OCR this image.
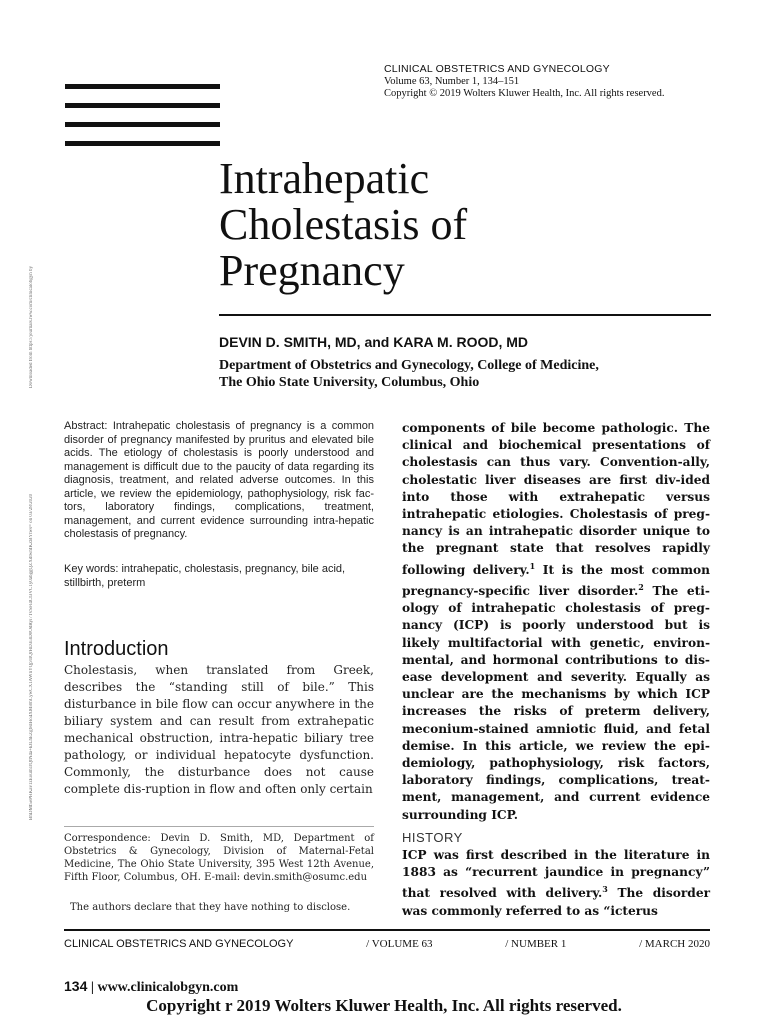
CLINICAL OBSTETRICS AND GYNECOLOGY
Volume 63, Number 1, 134–151
Copyright © 2019 Wolters Kluwer Health, Inc. All rights reserved.
Downloaded from https://journals.lww.com/clinicalobgyn by
BhDMf5ePHKav1zEoum1tQfN4a+kJLhEZgbsIHo4XMi0hCywCX1AWnYQp/IlQrHD3i3D0OdRyi7TvSFl4Cf3VC1y0abggQZXdtwnfKZBYtws= on 03/28/2020
Intrahepatic
Cholestasis of
Pregnancy
DEVIN D. SMITH, MD, and KARA M. ROOD, MD
Department of Obstetrics and Gynecology, College of Medicine,
The Ohio State University, Columbus, Ohio
Abstract: Intrahepatic cholestasis of pregnancy is a common disorder of pregnancy manifested by pruritus and elevated bile acids. The etiology of cholestasis is poorly understood and management is difficult due to the paucity of data regarding its diagnosis, treatment, and related adverse outcomes. In this article, we review the epidemiology, pathophysiology, risk fac-tors, laboratory findings, complications, treatment, management, and current evidence surrounding intra-hepatic cholestasis of pregnancy.
Key words: intrahepatic, cholestasis, pregnancy, bile acid, stillbirth, preterm
Introduction
Cholestasis, when translated from Greek, describes the “standing still of bile.” This disturbance in bile flow can occur anywhere in the biliary system and can result from extrahepatic mechanical obstruction, intra-hepatic biliary tree pathology, or individual hepatocyte dysfunction. Commonly, the disturbance does not cause complete dis-ruption in flow and often only certain
Correspondence: Devin D. Smith, MD, Department of Obstetrics & Gynecology, Division of Maternal-Fetal Medicine, The Ohio State University, 395 West 12th Avenue, Fifth Floor, Columbus, OH. E-mail: devin.smith@osumc.edu
The authors declare that they have nothing to disclose.
components of bile become pathologic. The clinical and biochemical presentations of cholestasis can thus vary. Convention-ally, cholestatic liver diseases are first div-ided into those with extrahepatic versus intrahepatic etiologies. Cholestasis of preg-nancy is an intrahepatic disorder unique to the pregnant state that resolves rapidly following delivery.$^1$ It is the most common pregnancy-specific liver disorder.$^2$ The eti-ology of intrahepatic cholestasis of preg-nancy (ICP) is poorly understood but is likely multifactorial with genetic, environ-mental, and hormonal contributions to dis-ease development and severity. Equally as unclear are the mechanisms by which ICP increases the risks of preterm delivery, meconium-stained amniotic fluid, and fetal demise. In this article, we review the epi-demiology, pathophysiology, risk factors, laboratory findings, complications, treat-ment, management, and current evidence surrounding ICP.
HISTORY
ICP was first described in the literature in 1883 as “recurrent jaundice in pregnancy” that resolved with delivery.$^3$ The disorder was commonly referred to as “icterus
CLINICAL OBSTETRICS AND GYNECOLOGY	/ VOLUME 63	/ NUMBER 1	/ MARCH 2020
134 | www.clinicalobgyn.com
Copyright r 2019 Wolters Kluwer Health, Inc. All rights reserved.
